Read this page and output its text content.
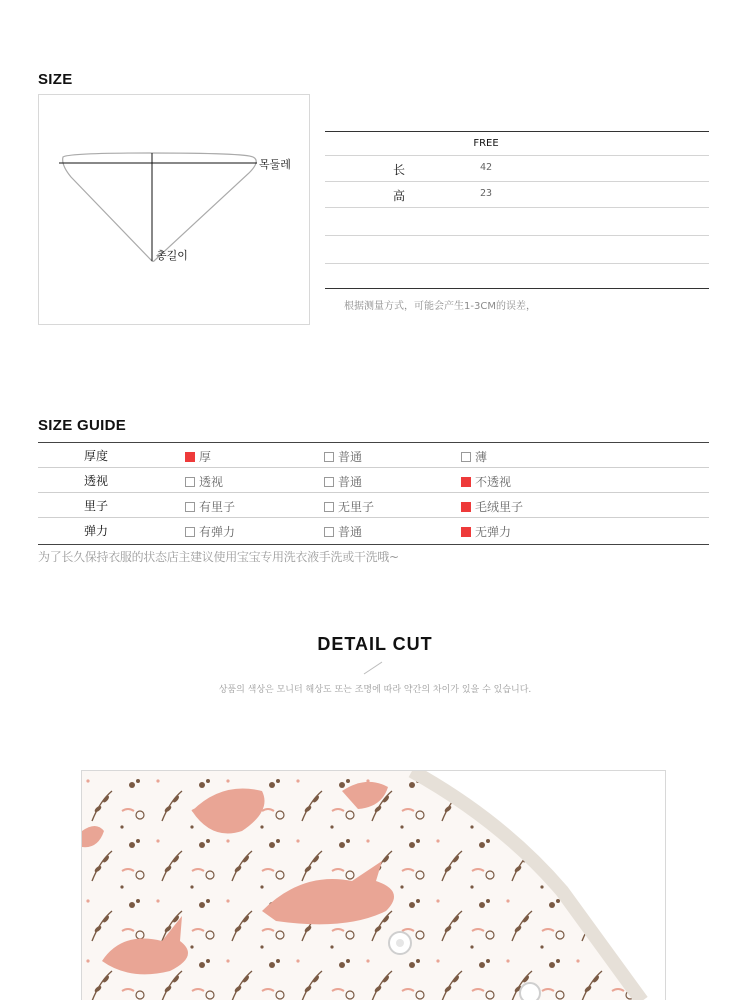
SIZE
목둘레
총길이
FREE
长	42
高	23
根据测量方式，可能会产生1-3CM的误差，
SIZE GUIDE
厚度	厚	普通	薄
透视	透视	普通	不透视
里子	有里子	无里子	毛绒里子
弹力	有弹力	普通	无弹力
为了长久保持衣服的状态店主建议使用宝宝专用洗衣液手洗或干洗哦~
DETAIL CUT
상품의 색상은 모니터 해상도 또는 조명에 따라 약간의 차이가 있을 수 있습니다.
